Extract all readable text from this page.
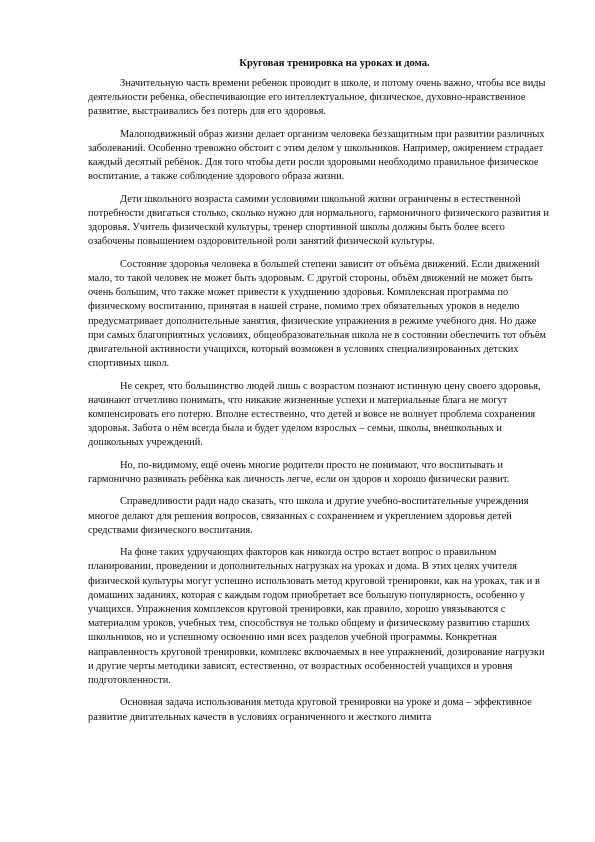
Круговая тренировка на уроках и дома.

Значительную часть времени ребенок проводит в школе, и потому очень важно, чтобы все виды деятельности ребенка, обеспечивающие его интеллектуальное, физическое, духовно-нравственное развитие, выстраивались без потерь для его здоровья.

Малоподвижный образ жизни делает организм человека беззащитным при развитии различных заболеваний. Особенно тревожно обстоит с этим делом у школьников. Например, ожирением страдает каждый десятый ребёнок. Для того чтобы дети росли здоровыми необходимо правильное физическое воспитание, а также соблюдение здорового образа жизни.

Дети школьного возраста самими условиями школьной жизни ограничены в естественной потребности двигаться столько, сколько нужно для нормального, гармоничного физического развития и здоровья. Учитель физической культуры, тренер спортивной школы должны быть более всего озабочены повышением оздоровительной роли занятий физической культуры.

Состояние здоровья человека в большей степени зависит от объёма движений. Если движений мало, то такой человек не может быть здоровым. С другой стороны, объём движений не может быть очень большим, что также может привести к ухудшению здоровья. Комплексная программа по физическому воспитанию, принятая в нашей стране, помимо трех обязательных уроков в неделю предусматривает дополнительные занятия, физические упражнения в режиме учебного дня. Но даже при самых благоприятных условиях, общеобразовательная школа не в состоянии обеспечить тот объём двигательной активности учащихся, который возможен в условиях специализированных детских спортивных школ.

Не секрет, что большинство людей лишь с возрастом познают истинную цену своего здоровья, начинают отчетливо понимать, что никакие жизненные успехи и материальные блага не могут компенсировать его потерю. Вполне естественно, что детей и вовсе не волнует проблема сохранения здоровья. Забота о нём всегда была и будет уделом взрослых – семьи, школы, внешкольных и дошкольных учреждений.

Но, по-видимому, ещё очень многие родители просто не понимают, что воспитывать и гармонично развивать ребёнка как личность легче, если он здоров и хорошо физически развит.

Справедливости ради надо сказать, что школа и другие учебно-воспитательные учреждения многое делают для решения вопросов, связанных с сохранением и укреплением здоровья детей средствами физического воспитания.

На фоне таких удручающих факторов как никогда остро встает вопрос о правильном планировании, проведении и дополнительных нагрузках на уроках и дома. В этих целях учителя физической культуры могут успешно использовать метод круговой тренировки, как на уроках, так и в домашних заданиях, которая с каждым годом приобретает все большую популярность, особенно у учащихся. Упражнения комплексов круговой тренировки, как правило, хорошо увязываются с материалом уроков, учебных тем, способствуя не только общему и физическому развитию старших школьников, но и успешному освоению ими всех разделов учебной программы. Конкретная направленность круговой тренировки, комплекс включаемых в нее упражнений, дозирование нагрузки и другие черты методики зависят, естественно, от возрастных особенностей учащихся и уровня подготовленности.

Основная задача использования метода круговой тренировки на уроке и дома – эффективное развитие двигательных качеств в условиях ограниченного и жесткого лимита
